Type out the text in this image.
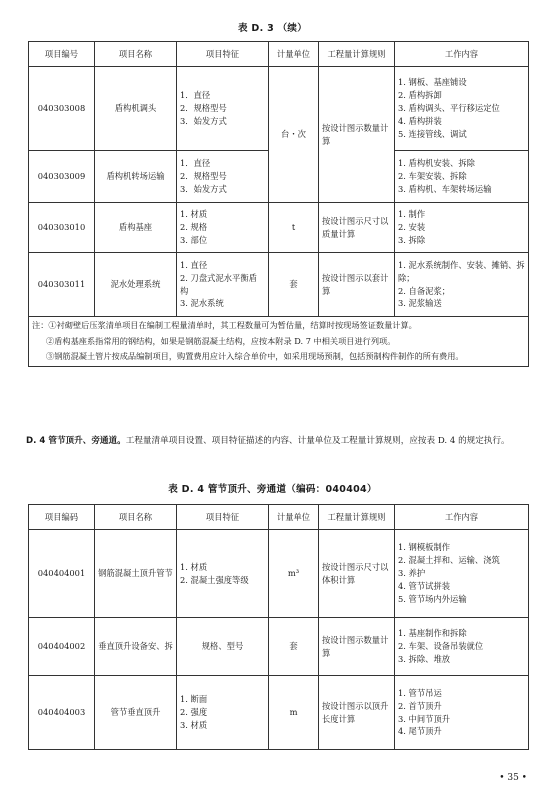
表 D. 3 （续）
项目编号	项目名称	项目特征	计量单位	工程量计算规则	工作内容
040303008	盾构机调头	1．直径
2．规格型号
3．始发方式	台・次	按设计图示数量计算	1. 钢板、基座铺设
2. 盾构拆卸
3. 盾构调头、平行移运定位
4. 盾构拼装
5. 连接管线、调试

040303009	盾构机转场运输	1．直径
2．规格型号
3．始发方式			1. 盾构机安装、拆除
2. 车架安装、拆除
3. 盾构机、车架转场运输

040303010	盾构基座	1. 材质
2. 规格
3. 部位	t	按设计图示尺寸以质量计算	1. 制作
2. 安装
3. 拆除

040303011	泥水处理系统	1. 直径
2. 刀盘式泥水平衡盾构
3. 泥水系统	套	按设计图示以套计算	1. 泥水系统制作、安装、摊销、拆除；
2. 自备泥浆；
3. 泥浆输送

注：①衬砌壁后压浆清单项目在编制工程量清单时，其工程数量可为暂估量，结算时按现场签证数量计算。
②盾构基座系指常用的钢结构，如果是钢筋混凝土结构，应按本附录 D. 7 中相关项目进行列项。
③钢筋混凝土管片按成品编制项目，购置费用应计入综合单价中，如采用现场预制，包括预制构件制作的所有费用。					
D. 4 管节顶升、旁通道。工程量清单项目设置、项目特征描述的内容、计量单位及工程量计算规则，应按表 D. 4 的规定执行。
表 D. 4 管节顶升、旁通道（编码：040404）
项目编码	项目名称	项目特征	计量单位	工程量计算规则	工作内容
040404001	钢筋混凝土顶升管节	1. 材质
2. 混凝土强度等级	m³	按设计图示尺寸以体积计算	1. 钢模板制作
2. 混凝土拌和、运输、浇筑
3. 养护
4. 管节试拼装
5. 管节场内外运输

040404002	垂直顶升设备安、拆	规格、型号	套	按设计图示数量计算	1. 基座制作和拆除
2. 车架、设备吊装就位
3. 拆除、堆放

040404003	管节垂直顶升	1. 断面
2. 强度
3. 材质	m	按设计图示以顶升长度计算	1. 管节吊运
2. 首节顶升
3. 中间节顶升
4. 尾节顶升
• 35 •
